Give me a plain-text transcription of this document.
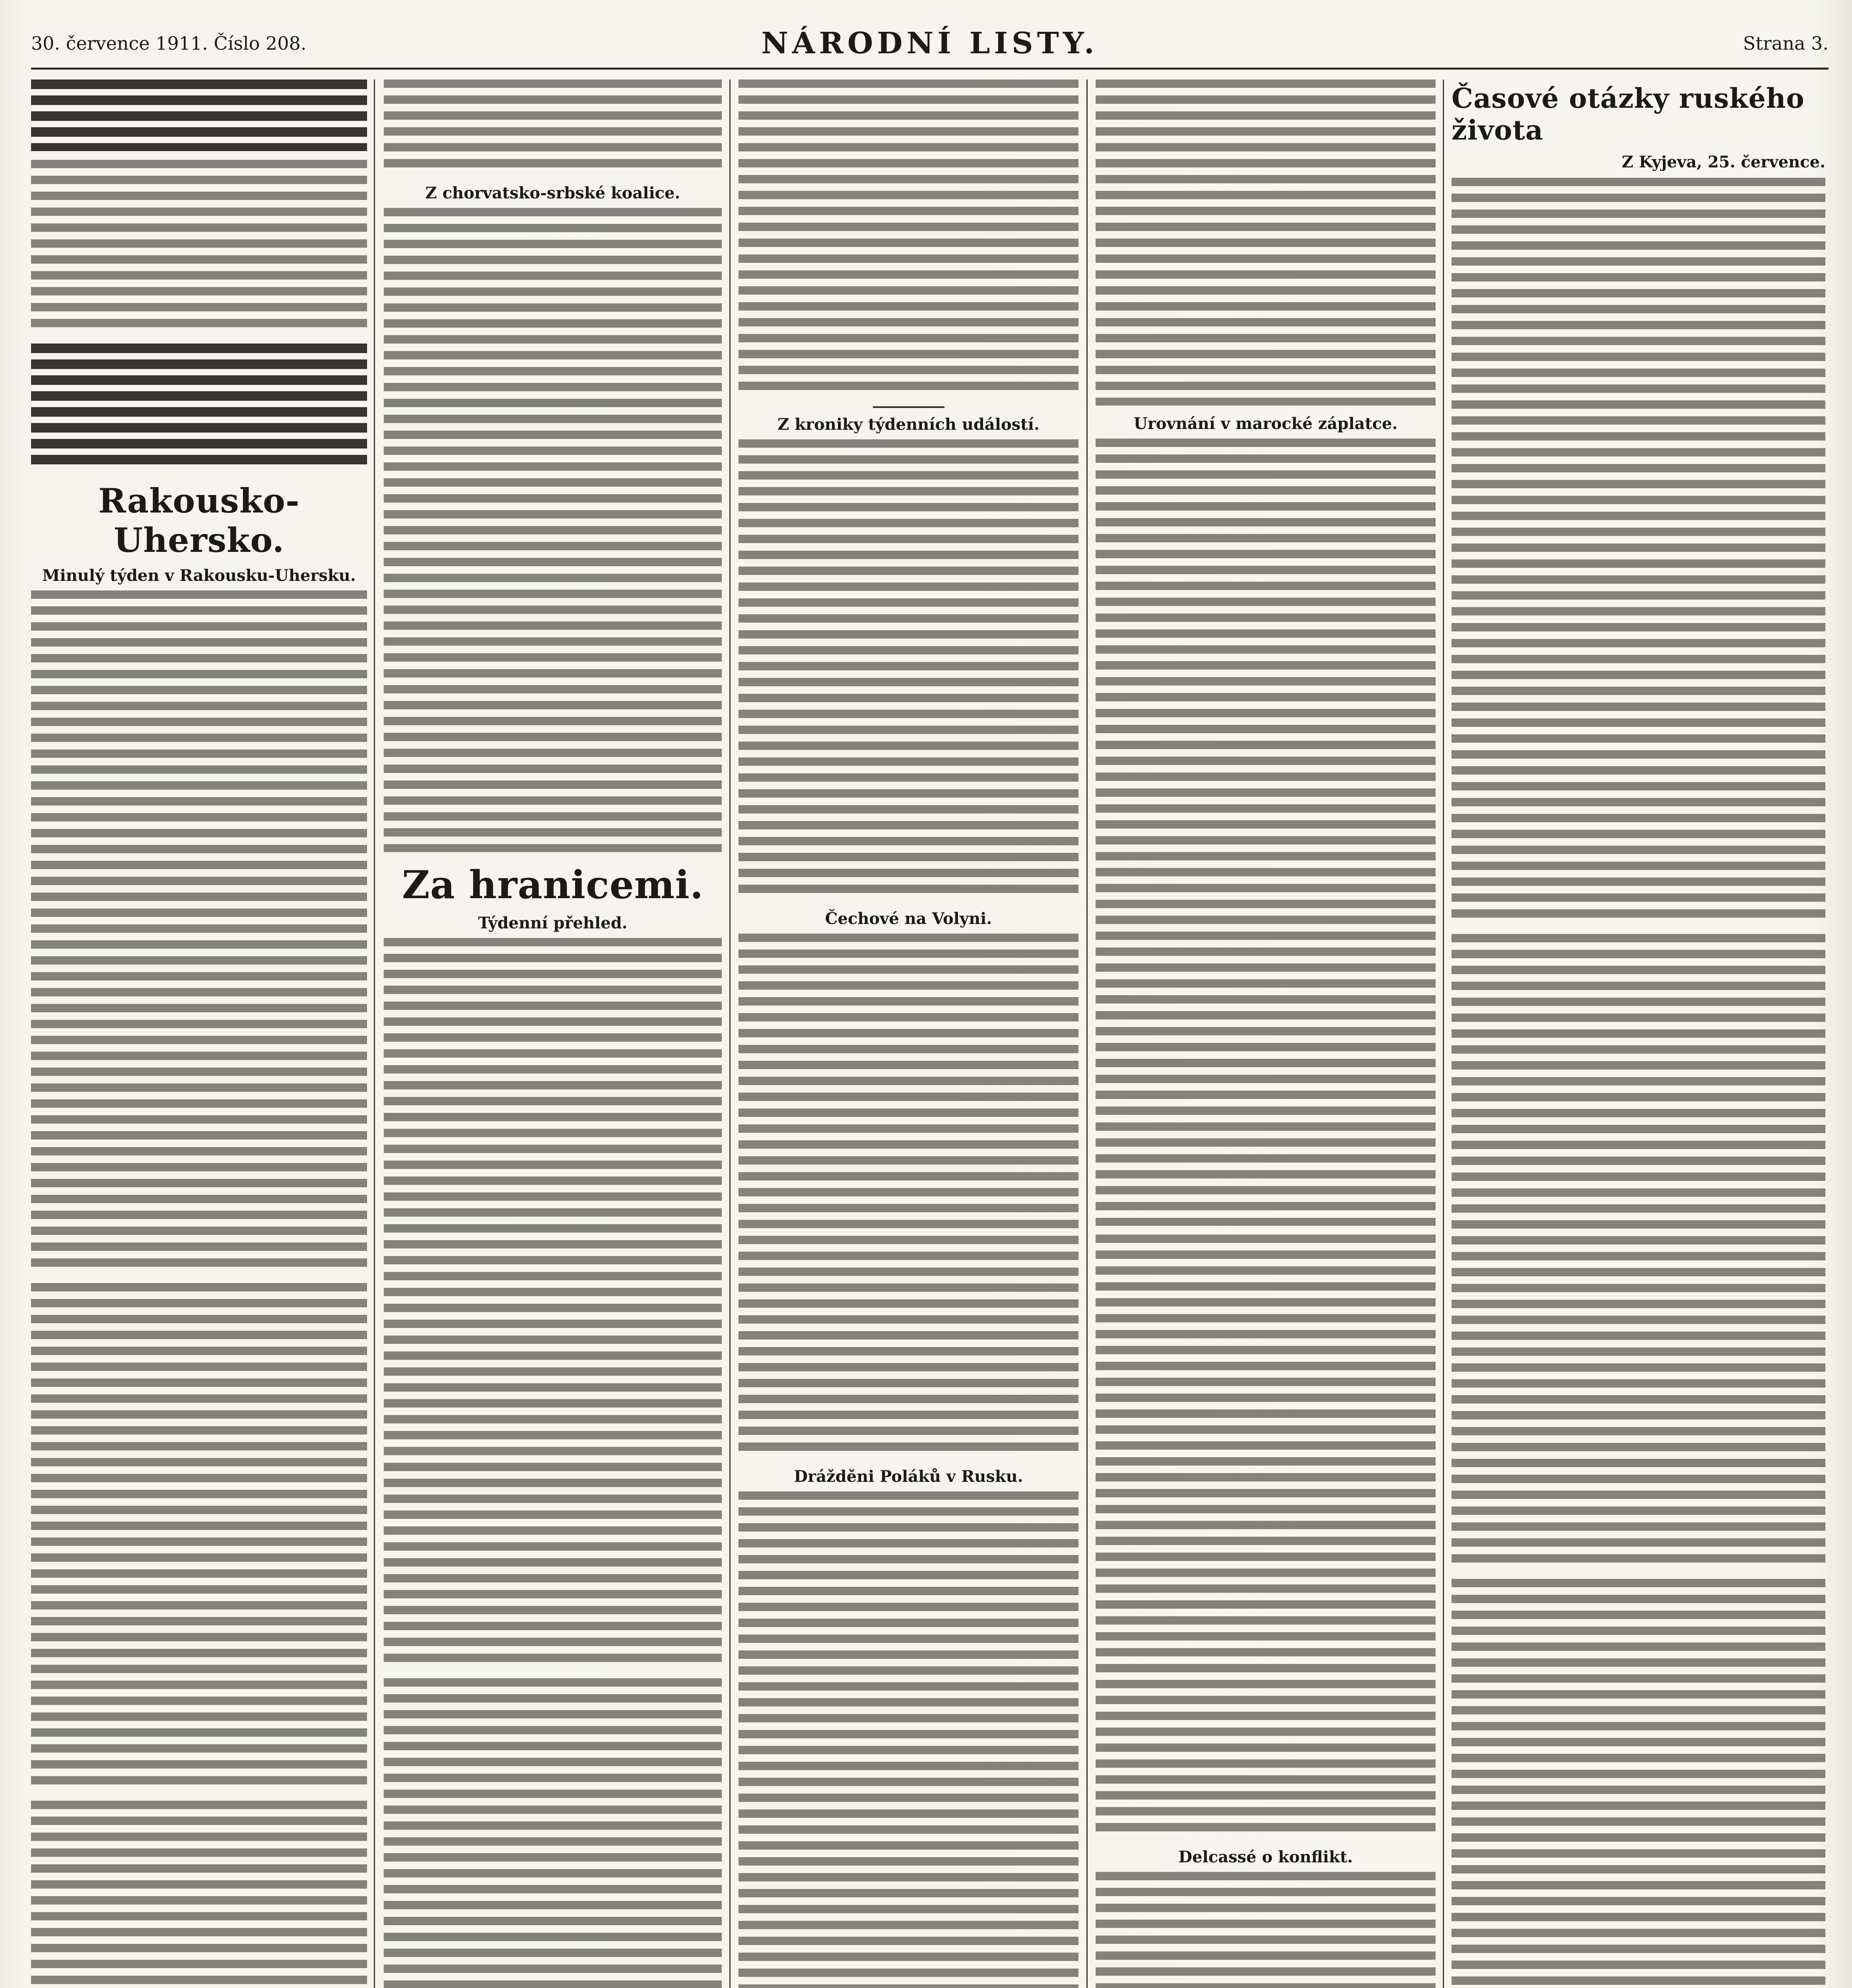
30. července 1911. Číslo 208.	NÁRODNÍ LISTY.	Strana 3.
Rakousko-Uhersko.
Minulý týden v Rakousku-Uhersku.
Z chorvatsko-srbské koalice.
Za hranicemi.
Týdenní přehled.
Z kroniky týdenních událostí.
Čechové na Volyni.
Drážděni Poláků v Rusku.
Urovnání v marocké záplatce.
Delcassé o konflikt.
Časové otázky ruského života
Z Kyjeva, 25. července.
